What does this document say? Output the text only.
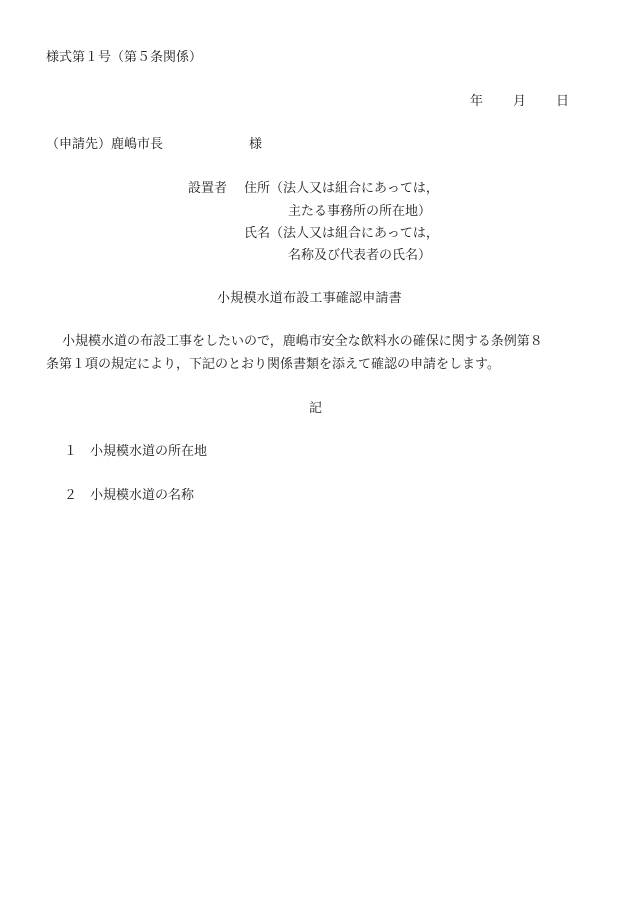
様式第１号（第５条関係）
年 月 日
（申請先）鹿嶋市長	様
設置者 住所（法人又は組合にあっては，
主たる事務所の所在地）
氏名（法人又は組合にあっては，
名称及び代表者の氏名）
小規模水道布設工事確認申請書
小規模水道の布設工事をしたいので，鹿嶋市安全な飲料水の確保に関する条例第８
条第１項の規定により，下記のとおり関係書類を添えて確認の申請をします。
記
１ 小規模水道の所在地
２ 小規模水道の名称
